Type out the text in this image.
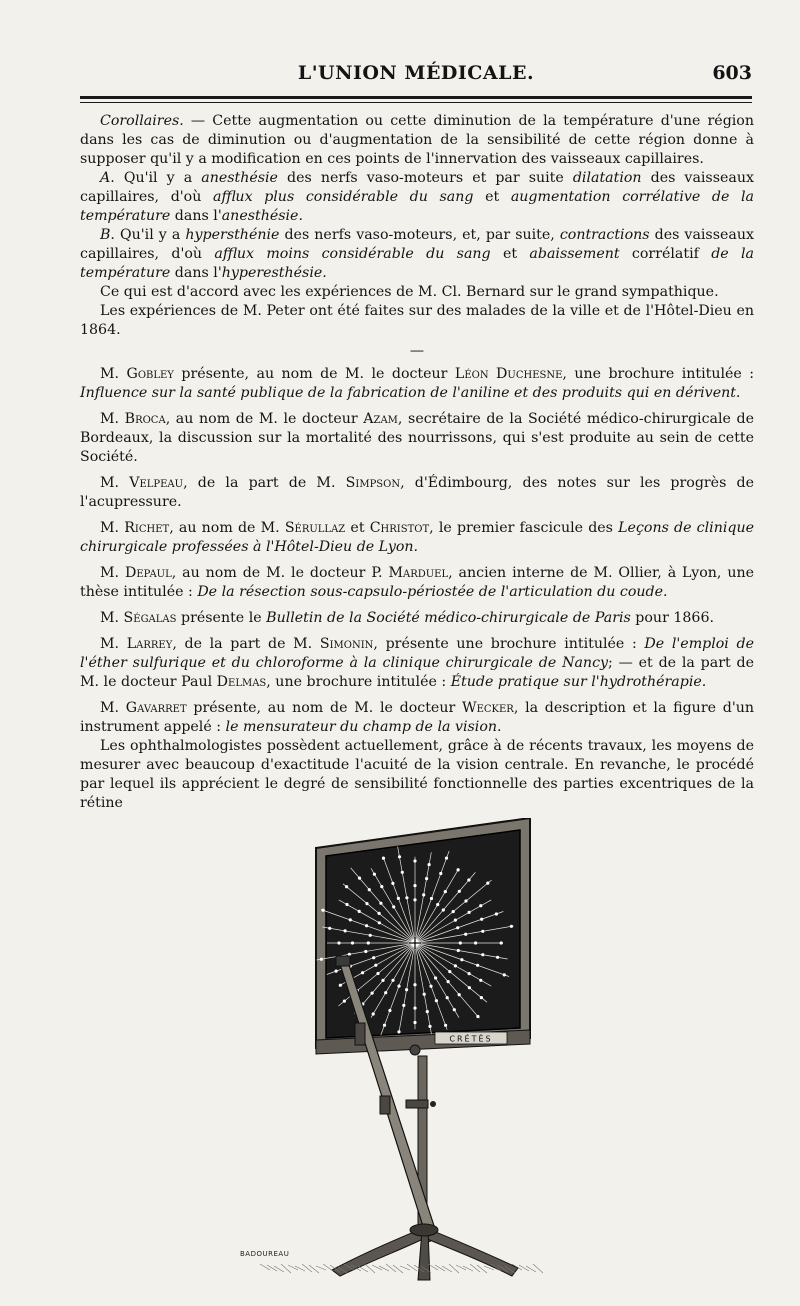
L'UNION MÉDICALE.	603

Corollaires. — Cette augmentation ou cette diminution de la température d'une région dans les cas de diminution ou d'augmentation de la sensibilité de cette région donne à supposer qu'il y a modification en ces points de l'innervation des vaisseaux capillaires.

A. Qu'il y a anesthésie des nerfs vaso-moteurs et par suite dilatation des vaisseaux capillaires, d'où afflux plus considérable du sang et augmentation corrélative de la température dans l'anesthésie.

B. Qu'il y a hypersthénie des nerfs vaso-moteurs, et, par suite, contractions des vaisseaux capillaires, d'où afflux moins considérable du sang et abaissement corrélatif de la température dans l'hyperesthésie.

Ce qui est d'accord avec les expériences de M. Cl. Bernard sur le grand sympathique.

Les expériences de M. Peter ont été faites sur des malades de la ville et de l'Hôtel-Dieu en 1864.

—

M. Gobley présente, au nom de M. le docteur Léon Duchesne, une brochure intitulée : Influence sur la santé publique de la fabrication de l'aniline et des produits qui en dérivent.

M. Broca, au nom de M. le docteur Azam, secrétaire de la Société médico-chirurgicale de Bordeaux, la discussion sur la mortalité des nourrissons, qui s'est produite au sein de cette Société.

M. Velpeau, de la part de M. Simpson, d'Édimbourg, des notes sur les progrès de l'acupressure.

M. Richet, au nom de M. Sérullaz et Christot, le premier fascicule des Leçons de clinique chirurgicale professées à l'Hôtel-Dieu de Lyon.

M. Depaul, au nom de M. le docteur P. Marduel, ancien interne de M. Ollier, à Lyon, une thèse intitulée : De la résection sous-capsulo-périostée de l'articulation du coude.

M. Ségalas présente le Bulletin de la Société médico-chirurgicale de Paris pour 1866.

M. Larrey, de la part de M. Simonin, présente une brochure intitulée : De l'emploi de l'éther sulfurique et du chloroforme à la clinique chirurgicale de Nancy; — et de la part de M. le docteur Paul Delmas, une brochure intitulée : Étude pratique sur l'hydrothérapie.

M. Gavarret présente, au nom de M. le docteur Wecker, la description et la figure d'un instrument appelé : le mensurateur du champ de la vision.

Les ophthalmologistes possèdent actuellement, grâce à de récents travaux, les moyens de mesurer avec beaucoup d'exactitude l'acuité de la vision centrale. En revanche, le procédé par lequel ils apprécient le degré de sensibilité fonctionnelle des parties excentriques de la rétine

CRÉTÈS
BADOUREAU
